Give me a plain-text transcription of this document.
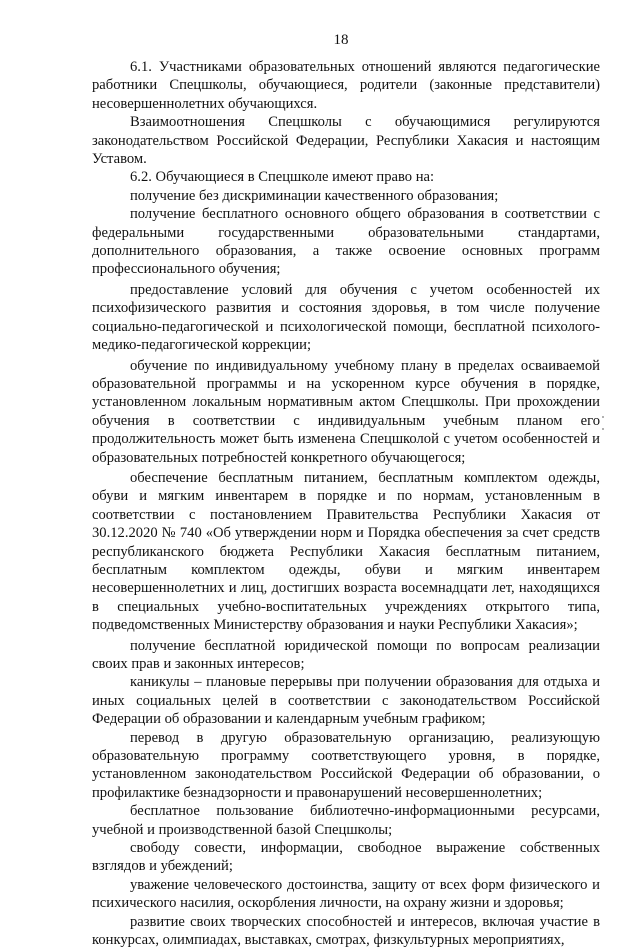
18

6.1. Участниками образовательных отношений являются педагогические работники Спецшколы, обучающиеся, родители (законные представители) несовершеннолетних обучающихся.

Взаимоотношения Спецшколы с обучающимися регулируются законодательством Российской Федерации, Республики Хакасия и настоящим Уставом.

6.2. Обучающиеся в Спецшколе имеют право на:

получение без дискриминации качественного образования;

получение бесплатного основного общего образования в соответствии с федеральными государственными образовательными стандартами, дополнительного образования, а также освоение основных программ профессионального обучения;

предоставление условий для обучения с учетом особенностей их психофизического развития и состояния здоровья, в том числе получение социально-педагогической и психологической помощи, бесплатной психолого-медико-педагогической коррекции;

обучение по индивидуальному учебному плану в пределах осваиваемой образовательной программы и на ускоренном курсе обучения в порядке, установленном локальным нормативным актом Спецшколы. При прохождении обучения в соответствии с индивидуальным учебным планом его продолжительность может быть изменена Спецшколой с учетом особенностей и образовательных потребностей конкретного обучающегося;

обеспечение бесплатным питанием, бесплатным комплектом одежды, обуви и мягким инвентарем в порядке и по нормам, установленным в соответствии с постановлением Правительства Республики Хакасия от 30.12.2020 № 740 «Об утверждении норм и Порядка обеспечения за счет средств республиканского бюджета Республики Хакасия бесплатным питанием, бесплатным комплектом одежды, обуви и мягким инвентарем несовершеннолетних и лиц, достигших возраста восемнадцати лет, находящихся в специальных учебно-воспитательных учреждениях открытого типа, подведомственных Министерству образования и науки Республики Хакасия»;

получение бесплатной юридической помощи по вопросам реализации своих прав и законных интересов;

каникулы – плановые перерывы при получении образования для отдыха и иных социальных целей в соответствии с законодательством Российской Федерации об образовании и календарным учебным графиком;

перевод в другую образовательную организацию, реализующую образовательную программу соответствующего уровня, в порядке, установленном законодательством Российской Федерации об образовании, о профилактике безнадзорности и правонарушений несовершеннолетних;

бесплатное пользование библиотечно-информационными ресурсами, учебной и производственной базой Спецшколы;

свободу совести, информации, свободное выражение собственных взглядов и убеждений;

уважение человеческого достоинства, защиту от всех форм физического и психического насилия, оскорбления личности, на охрану жизни и здоровья;

развитие своих творческих способностей и интересов, включая участие в конкурсах, олимпиадах, выставках, смотрах, физкультурных мероприятиях,
